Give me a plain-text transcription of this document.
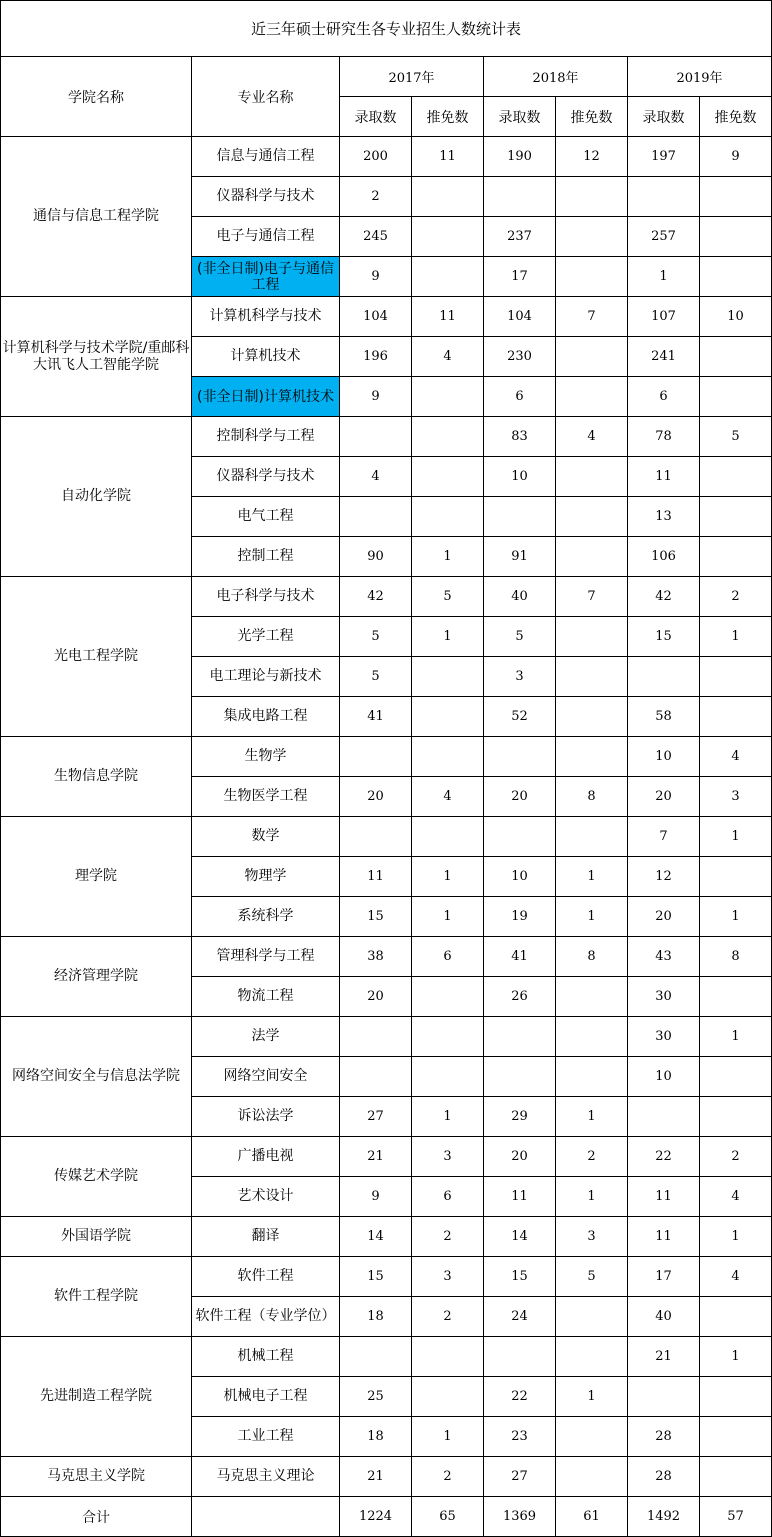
近三年硕士研究生各专业招生人数统计表							
学院名称	专业名称	2017年		2018年		2019年	
		录取数	推免数	录取数	推免数	录取数	推免数
通信与信息工程学院	信息与通信工程	200	11	190	12	197	9
	仪器科学与技术	2					
	电子与通信工程	245		237		257	
	(非全日制)电子与通信工程	9		17		1	
计算机科学与技术学院/重邮科大讯飞人工智能学院	计算机科学与技术	104	11	104	7	107	10
	计算机技术	196	4	230		241	
	(非全日制)计算机技术	9		6		6	
自动化学院	控制科学与工程			83	4	78	5
	仪器科学与技术	4		10		11	
	电气工程					13	
	控制工程	90	1	91		106	
光电工程学院	电子科学与技术	42	5	40	7	42	2
	光学工程	5	1	5		15	1
	电工理论与新技术	5		3			
	集成电路工程	41		52		58	
生物信息学院	生物学					10	4
	生物医学工程	20	4	20	8	20	3
理学院	数学					7	1
	物理学	11	1	10	1	12	
	系统科学	15	1	19	1	20	1
经济管理学院	管理科学与工程	38	6	41	8	43	8
	物流工程	20		26		30	
网络空间安全与信息法学院	法学					30	1
	网络空间安全					10	
	诉讼法学	27	1	29	1		
传媒艺术学院	广播电视	21	3	20	2	22	2
	艺术设计	9	6	11	1	11	4
外国语学院	翻译	14	2	14	3	11	1
软件工程学院	软件工程	15	3	15	5	17	4
	软件工程（专业学位）	18	2	24		40	
先进制造工程学院	机械工程					21	1
	机械电子工程	25		22	1		
	工业工程	18	1	23		28	
马克思主义学院	马克思主义理论	21	2	27		28	
合计		1224	65	1369	61	1492	57
